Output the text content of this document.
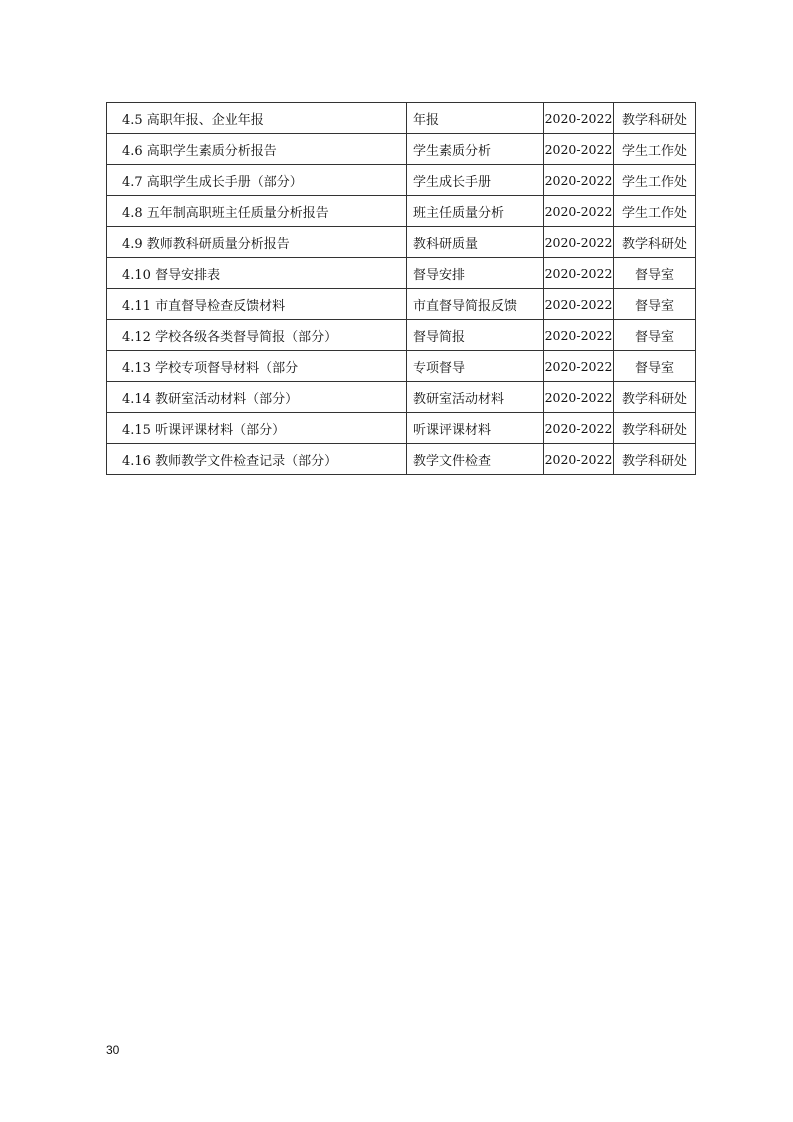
4.5 高职年报、企业年报	年报	2020-2022	教学科研处
4.6 高职学生素质分析报告	学生素质分析	2020-2022	学生工作处
4.7 高职学生成长手册（部分）	学生成长手册	2020-2022	学生工作处
4.8 五年制高职班主任质量分析报告	班主任质量分析	2020-2022	学生工作处
4.9 教师教科研质量分析报告	教科研质量	2020-2022	教学科研处
4.10 督导安排表	督导安排	2020-2022	督导室
4.11 市直督导检查反馈材料	市直督导简报反馈	2020-2022	督导室
4.12 学校各级各类督导简报（部分）	督导简报	2020-2022	督导室
4.13 学校专项督导材料（部分	专项督导	2020-2022	督导室
4.14 教研室活动材料（部分）	教研室活动材料	2020-2022	教学科研处
4.15 听课评课材料（部分）	听课评课材料	2020-2022	教学科研处
4.16 教师教学文件检查记录（部分）	教学文件检查	2020-2022	教学科研处
30
